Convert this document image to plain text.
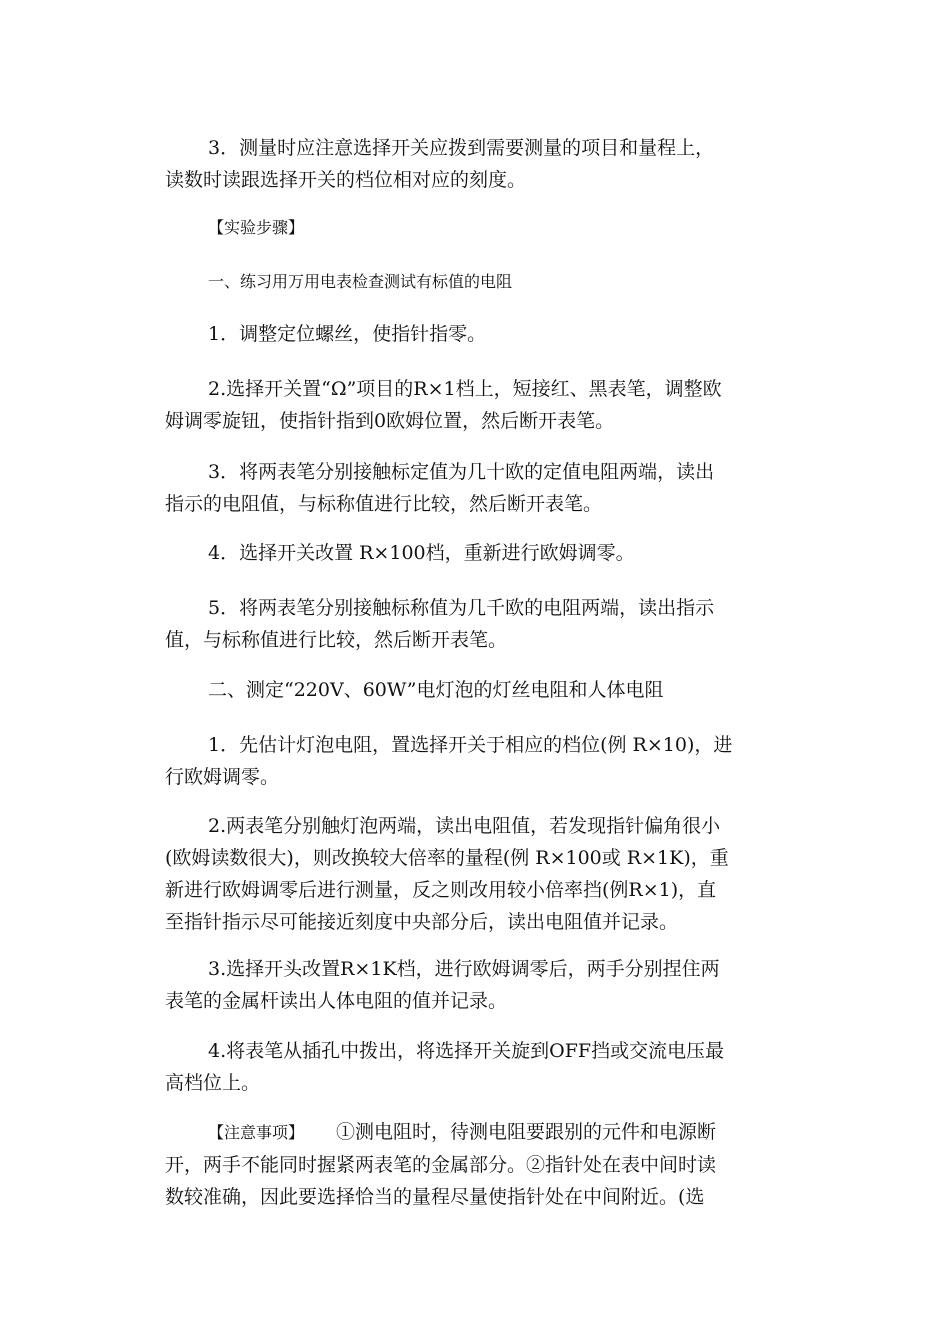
3．测量时应注意选择开关应拨到需要测量的项目和量程上，
读数时读跟选择开关的档位相对应的刻度。

【实验步骤】

一、练习用万用电表检查测试有标值的电阻

1．调整定位螺丝，使指针指零。

2.选择开关置“Ω”项目的R×1档上，短接红、黑表笔，调整欧
姆调零旋钮，使指针指到0欧姆位置，然后断开表笔。

3．将两表笔分别接触标定值为几十欧的定值电阻两端，读出
指示的电阻值，与标称值进行比较，然后断开表笔。

4．选择开关改置 R×100档，重新进行欧姆调零。

5．将两表笔分别接触标称值为几千欧的电阻两端，读出指示
值，与标称值进行比较，然后断开表笔。

二、测定“220V、60W”电灯泡的灯丝电阻和人体电阻

1．先估计灯泡电阻，置选择开关于相应的档位(例 R×10)，进
行欧姆调零。

2.两表笔分别触灯泡两端，读出电阻值，若发现指针偏角很小
(欧姆读数很大)，则改换较大倍率的量程(例 R×100或 R×1K)，重
新进行欧姆调零后进行测量，反之则改用较小倍率挡(例R×1)，直
至指针指示尽可能接近刻度中央部分后，读出电阻值并记录。

3.选择开头改置R×1K档，进行欧姆调零后，两手分别捏住两
表笔的金属杆读出人体电阻的值并记录。

4.将表笔从插孔中拨出，将选择开关旋到OFF挡或交流电压最
高档位上。

【注意事项】 ①测电阻时，待测电阻要跟别的元件和电源断
开，两手不能同时握紧两表笔的金属部分。②指针处在表中间时读
数较准确，因此要选择恰当的量程尽量使指针处在中间附近。(选
